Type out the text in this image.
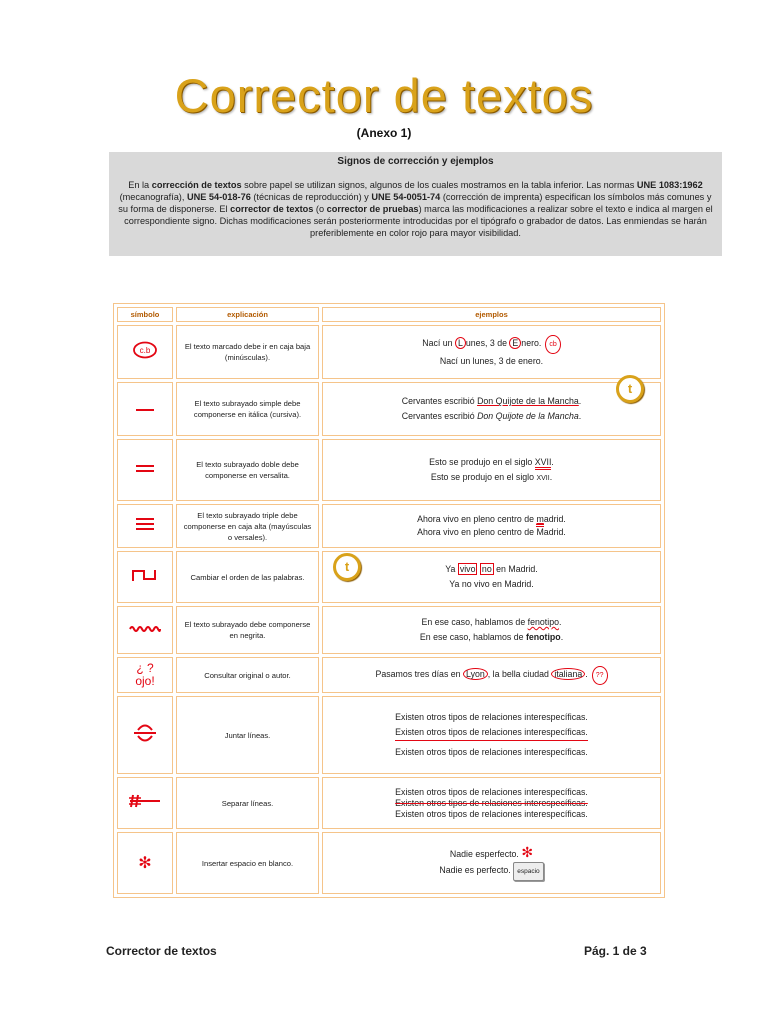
Corrector de textos
(Anexo 1)
Signos de corrección y ejemplos

En la corrección de textos sobre papel se utilizan signos, algunos de los cuales mostramos en la tabla inferior. Las normas UNE 1083:1962 (mecanografía), UNE 54-018-76 (técnicas de reproducción) y UNE 54-0051-74 (corrección de imprenta) especifican los símbolos más comunes y su forma de disponerse. El corrector de textos (o corrector de pruebas) marca las modificaciones a realizar sobre el texto e indica al margen el correspondiente signo. Dichas modificaciones serán posteriormente introducidas por el tipógrafo o grabador de datos. Las enmiendas se harán preferiblemente en color rojo para mayor visibilidad.

símbolo	explicación	ejemplos

c.b	El texto marcado debe ir en caja baja (minúsculas).	Nací un L unes, 3 de E nero. cb
Nací un lunes, 3 de enero.

	El texto subrayado simple debe componerse en itálica (cursiva).	Cervantes escribió Don Quijote de la Mancha.
Cervantes escribió Don Quijote de la Mancha.

	El texto subrayado doble debe componerse en versalita.	Esto se produjo en el siglo XVII.
Esto se produjo en el siglo XVII.

	El texto subrayado triple debe componerse en caja alta (mayúsculas o versales).	Ahora vivo en pleno centro de madrid.
Ahora vivo en pleno centro de Madrid.

	Cambiar el orden de las palabras.	Ya vivo no en Madrid.
Ya no vivo en Madrid.

	El texto subrayado debe componerse en negrita.	En ese caso, hablamos de fenotipo.
En ese caso, hablamos de fenotipo.

¿ ?
ojo!	Consultar original o autor.	Pasamos tres días en Lyon , la bella ciudad italiana . ??

	Juntar líneas.	Existen otros tipos de relaciones interespecíficas.
Existen otros tipos de relaciones interespecíficas.
Existen otros tipos de relaciones interespecíficas.

	Separar líneas.	Existen otros tipos de relaciones interespecíficas.
Existen otros tipos de relaciones interespecíficas.
Existen otros tipos de relaciones interespecíficas.

✻	Insertar espacio en blanco.	Nadie esperfecto. ✻
Nadie es perfecto. espacio
t
t
Corrector de textos	Pág. 1 de 3
